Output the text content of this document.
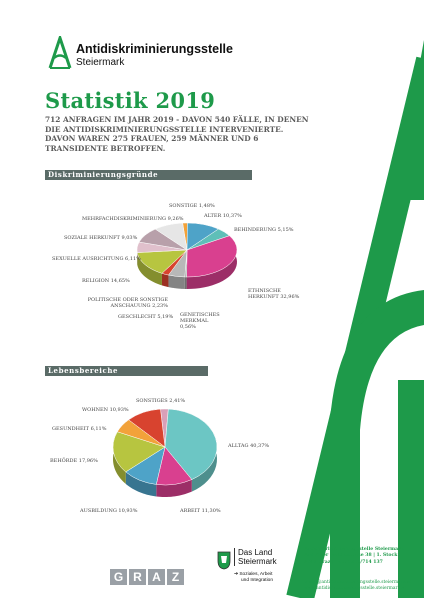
Antidiskriminierungsstelle
Steiermark
Statistik 2019
712 ANFRAGEN IM JAHR 2019 - DAVON 540 FÄLLE, IN DENEN DIE ANTIDISKRIMINIERUNGSSTELLE INTERVENIERTE.
DAVON WAREN 275 FRAUEN, 259 MÄNNER UND 6 TRANSIDENTE BETROFFEN.
Diskriminierungsgründe
SONSTIGE 1,48%
ALTER 10,37%
BEHINDERUNG 5,15%
ETHNISCHE HERKUNFT 32,96%
GENETISCHES MERKMAL 0,56%
GESCHLECHT 5,19%
POLITISCHE ODER SONSTIGE ANSCHAUUNG 2,23%
RELIGION 14,65%
SEXUELLE AUSRICHTUNG 6,11%
SOZIALE HERKUNFT 9,03%
MEHRFACHDISKRIMINIERUNG 9,26%
Lebensbereiche
SONSTIGES 2,41%
ALLTAG 40,37%
ARBEIT 11,30%
AUSBILDUNG 10,93%
BEHÖRDE 17,96%
GESUNDHEIT 6,11%
WOHNEN 10,93%
G R A Z
Das Land
Steiermark
➔ Soziales, Arbeit
und Integration
Antidiskriminierungsstelle Steiermark
Andritzer Reichsstraße 38 | 1. Stock
8045 Graz | Tel.: 0316/714 137
buero@antidiskriminierungsstelle.steiermark.at
www.antidiskriminierungsstelle.steiermark.at
